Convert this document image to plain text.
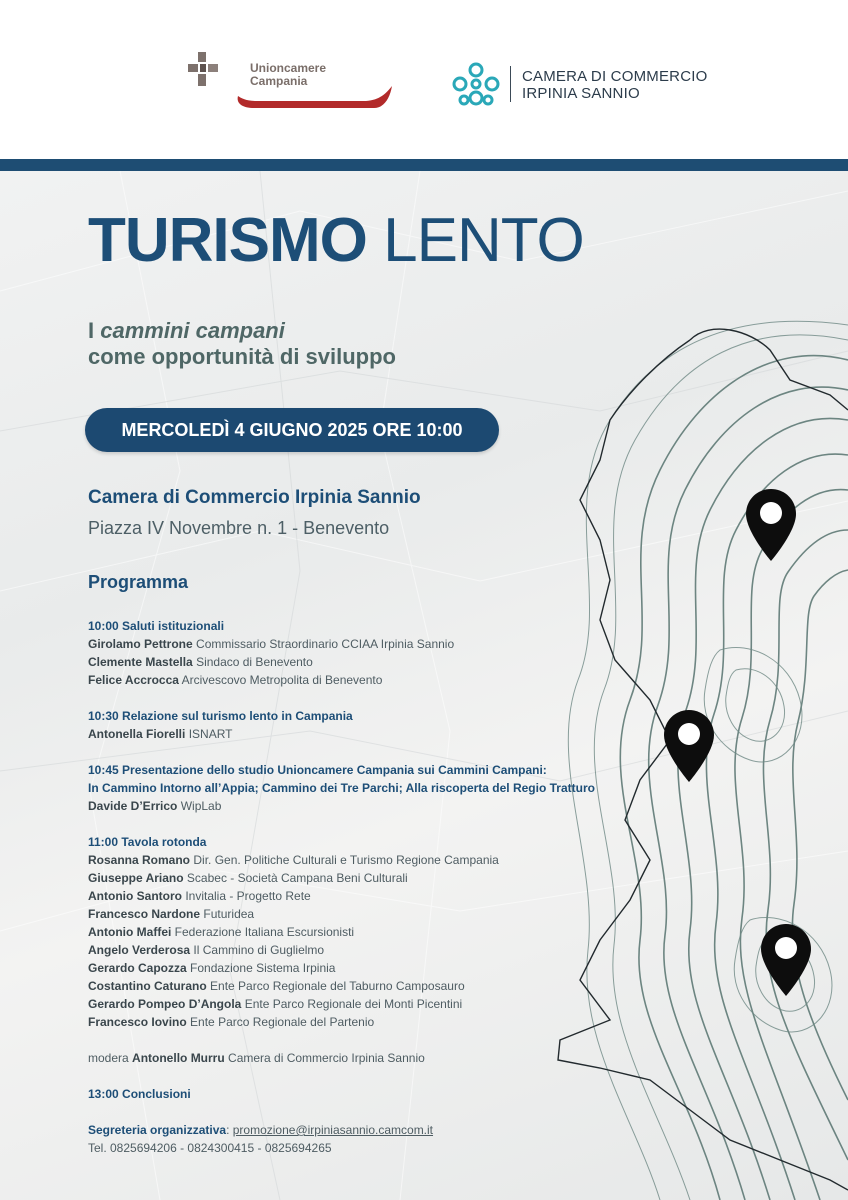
Unioncamere
Campania	CAMERA DI COMMERCIO
IRPINIA SANNIO
TURISMO LENTO
I cammini campani
come opportunità di sviluppo
MERCOLEDÌ 4 GIUGNO 2025 ORE 10:00
Camera di Commercio Irpinia Sannio
Piazza IV Novembre n. 1 - Benevento
Programma
10:00 Saluti istituzionali
Girolamo Pettrone Commissario Straordinario CCIAA Irpinia Sannio
Clemente Mastella Sindaco di Benevento
Felice Accrocca Arcivescovo Metropolita di Benevento
10:30 Relazione sul turismo lento in Campania
Antonella Fiorelli ISNART
10:45 Presentazione dello studio Unioncamere Campania sui Cammini Campani:
In Cammino Intorno all’Appia; Cammino dei Tre Parchi; Alla riscoperta del Regio Tratturo
Davide D’Errico WipLab
11:00 Tavola rotonda
Rosanna Romano Dir. Gen. Politiche Culturali e Turismo Regione Campania
Giuseppe Ariano Scabec - Società Campana Beni Culturali
Antonio Santoro Invitalia - Progetto Rete
Francesco Nardone Futuridea
Antonio Maffei Federazione Italiana Escursionisti
Angelo Verderosa Il Cammino di Guglielmo
Gerardo Capozza Fondazione Sistema Irpinia
Costantino Caturano Ente Parco Regionale del Taburno Camposauro
Gerardo Pompeo D’Angola Ente Parco Regionale dei Monti Picentini
Francesco Iovino Ente Parco Regionale del Partenio
modera Antonello Murru Camera di Commercio Irpinia Sannio
13:00 Conclusioni
Segreteria organizzativa: promozione@irpiniasannio.camcom.it
Tel. 0825694206 - 0824300415 - 0825694265
